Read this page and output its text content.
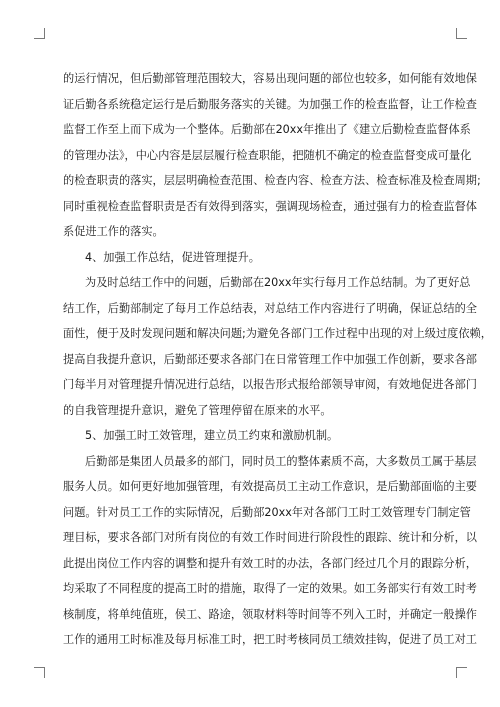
的运行情况，但后勤部管理范围较大，容易出现问题的部位也较多，如何能有效地保
证后勤各系统稳定运行是后勤服务落实的关键。为加强工作的检查监督，让工作检查
监督工作至上而下成为一个整体。后勤部在20xx年推出了《建立后勤检查监督体系
的管理办法》，中心内容是层层履行检查职能，把随机不确定的检查监督变成可量化
的检查职责的落实，层层明确检查范围、检查内容、检查方法、检查标准及检查周期;
同时重视检查监督职责是否有效得到落实，强调现场检查，通过强有力的检查监督体
系促进工作的落实。
4、加强工作总结，促进管理提升。
为及时总结工作中的问题，后勤部在20xx年实行每月工作总结制。为了更好总
结工作，后勤部制定了每月工作总结表，对总结工作内容进行了明确，保证总结的全
面性，便于及时发现问题和解决问题;为避免各部门工作过程中出现的对上级过度依赖，
提高自我提升意识，后勤部还要求各部门在日常管理工作中加强工作创新，要求各部
门每半月对管理提升情况进行总结，以报告形式报给部领导审阅，有效地促进各部门
的自我管理提升意识，避免了管理停留在原来的水平。
5、加强工时工效管理，建立员工约束和激励机制。
后勤部是集团人员最多的部门，同时员工的整体素质不高，大多数员工属于基层
服务人员。如何更好地加强管理，有效提高员工主动工作意识，是后勤部面临的主要
问题。针对员工工作的实际情况，后勤部20xx年对各部门工时工效管理专门制定管
理目标，要求各部门对所有岗位的有效工作时间进行阶段性的跟踪、统计和分析，以
此提出岗位工作内容的调整和提升有效工时的办法，各部门经过几个月的跟踪分析，
均采取了不同程度的提高工时的措施，取得了一定的效果。如工务部实行有效工时考
核制度，将单纯值班，侯工、路途，领取材料等时间等不列入工时，并确定一般操作
工作的通用工时标准及每月标准工时，把工时考核同员工绩效挂钩，促进了员工对工
